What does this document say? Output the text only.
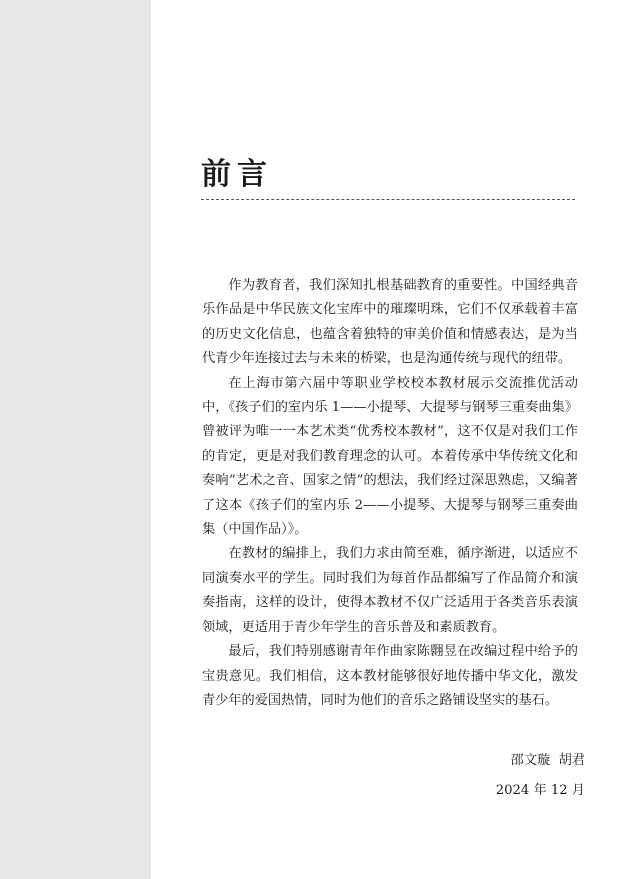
前言

作为教育者，我们深知扎根基础教育的重要性。中国经典音乐作品是中华民族文化宝库中的璀璨明珠，它们不仅承载着丰富的历史文化信息，也蕴含着独特的审美价值和情感表达，是为当代青少年连接过去与未来的桥梁，也是沟通传统与现代的纽带。

在上海市第六届中等职业学校校本教材展示交流推优活动中，《孩子们的室内乐 1——小提琴、大提琴与钢琴三重奏曲集》曾被评为唯一一本艺术类“优秀校本教材”，这不仅是对我们工作的肯定，更是对我们教育理念的认可。本着传承中华传统文化和奏响“艺术之音、国家之情”的想法，我们经过深思熟虑，又编著了这本《孩子们的室内乐 2——小提琴、大提琴与钢琴三重奏曲集（中国作品）》。

在教材的编排上，我们力求由简至难，循序渐进，以适应不同演奏水平的学生。同时我们为每首作品都编写了作品简介和演奏指南，这样的设计，使得本教材不仅广泛适用于各类音乐表演领域，更适用于青少年学生的音乐普及和素质教育。

最后，我们特别感谢青年作曲家陈翾昱在改编过程中给予的宝贵意见。我们相信，这本教材能够很好地传播中华文化，激发青少年的爱国热情，同时为他们的音乐之路铺设坚实的基石。

邵文璇  胡君
2024 年 12 月
